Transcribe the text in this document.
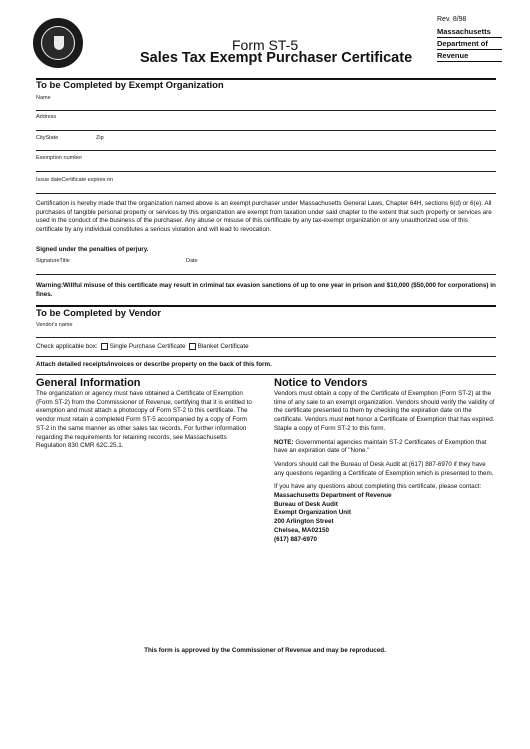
Rev. 8/98
Massachusetts
Department of
Revenue
Form ST-5
Sales Tax Exempt Purchaser Certificate
To be Completed by Exempt Organization
Name
Address
CityState	Zip
Exemption number
Issue dateCertificate expires on
Certification is hereby made that the organization named above is an exempt purchaser under Massachusetts General Laws, Chapter 64H, sections 6(d) or 6(e). All purchases of tangible personal property or services by this organization are exempt from taxation under said chapter to the extent that such property or services are used in the conduct of the business of the purchaser. Any abuse or misuse of this certificate by any tax-exempt organization or any unauthorized use of this certificate by any individual constitutes a serious violation and will lead to revocation.
Signed under the penalties of perjury.
SignatureTitle	Date
Warning:Willful misuse of this certificate may result in criminal tax evasion sanctions of up to one year in prison and $10,000 ($50,000 for corporations) in fines.
To be Completed by Vendor
Vendor's name
Check applicable box: Single Purchase Certificate Blanket Certificate
Attach detailed receipts/invoices or describe property on the back of this form.
General Information

The organization or agency must have obtained a Certificate of Exemption (Form ST-2) from the Commissioner of Revenue, certifying that it is entitled to exemption and must attach a photocopy of Form ST-2 to this certificate. The vendor must retain a completed Form ST-5 accompanied by a copy of Form ST-2 in the same manner as other sales tax records. For further information regarding the requirements for retaining records, see Massachusetts Regulation 830 CMR 62C.25.1.

Notice to Vendors

Vendors must obtain a copy of the Certificate of Exemption (Form ST-2) at the time of any sale to an exempt organization. Vendors should verify the validity of the certificate presented to them by checking the expiration date on the certificate. Vendors must not honor a Certificate of Exemption that has expired. Staple a copy of Form ST-2 to this form.

NOTE: Governmental agencies maintain ST-2 Certificates of Exemption that have an expiration date of "None."

Vendors should call the Bureau of Desk Audit at (617) 887-6970 if they have any questions regarding a Certificate of Exemption which is presented to them.

If you have any questions about completing this certificate, please contact:

Massachusetts Department of Revenue
Bureau of Desk Audit
Exempt Organization Unit
200 Arlington Street
Chelsea, MA02150
(617) 887-6970
This form is approved by the Commissioner of Revenue and may be reproduced.
